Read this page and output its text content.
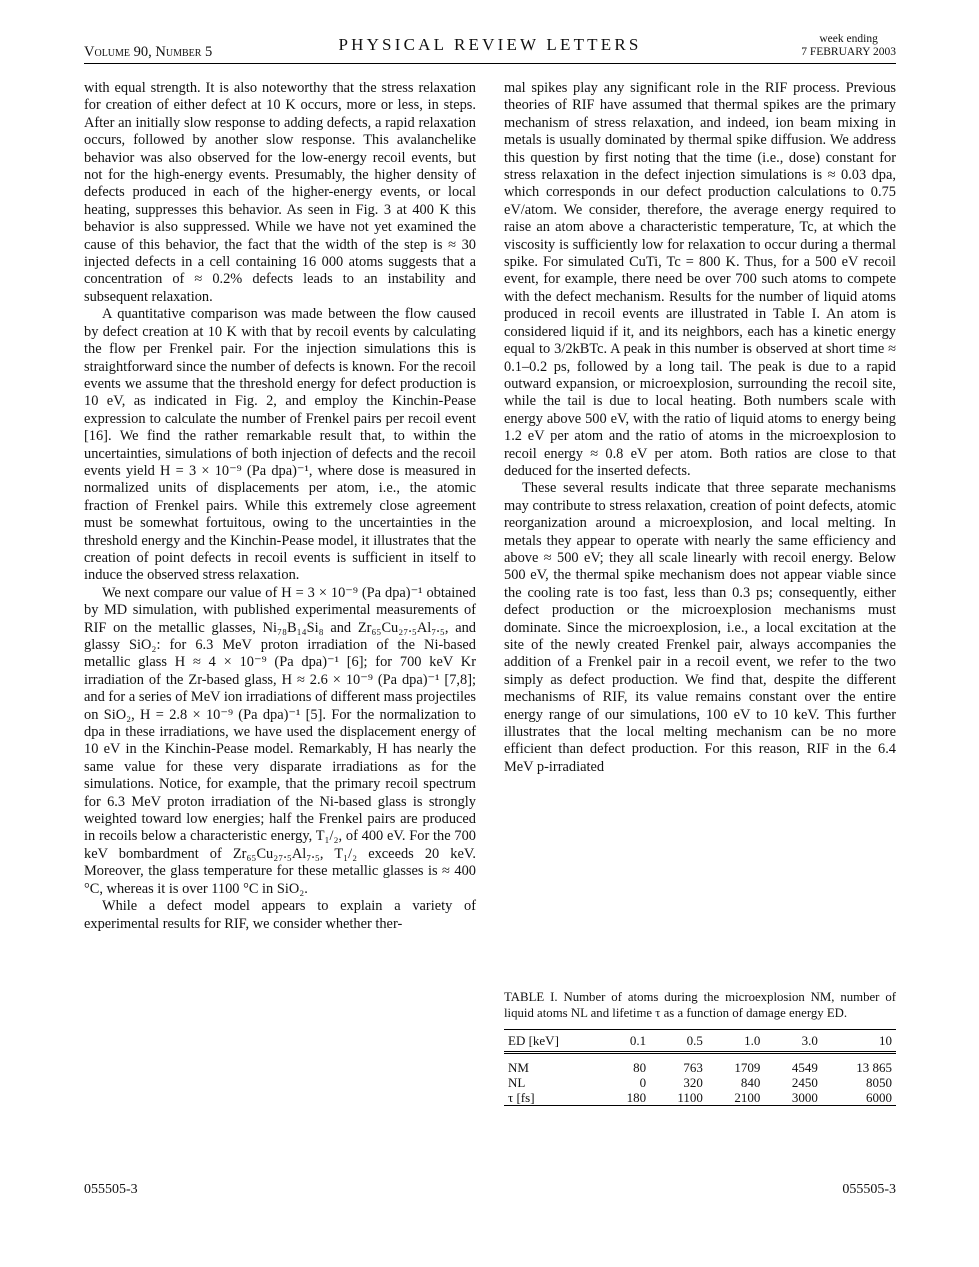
Volume 90, Number 5	PHYSICAL REVIEW LETTERS	week ending
7 FEBRUARY 2003

with equal strength. It is also noteworthy that the stress relaxation for creation of either defect at 10 K occurs, more or less, in steps. After an initially slow response to adding defects, a rapid relaxation occurs, followed by another slow response. This avalanchelike behavior was also observed for the low-energy recoil events, but not for the high-energy events. Presumably, the higher density of defects produced in each of the higher-energy events, or local heating, suppresses this behavior. As seen in Fig. 3 at 400 K this behavior is also suppressed. While we have not yet examined the cause of this behavior, the fact that the width of the step is ≈ 30 injected defects in a cell containing 16 000 atoms suggests that a concentration of ≈ 0.2% defects leads to an instability and subsequent relaxation.

A quantitative comparison was made between the flow caused by defect creation at 10 K with that by recoil events by calculating the flow per Frenkel pair. For the injection simulations this is straightforward since the number of defects is known. For the recoil events we assume that the threshold energy for defect production is 10 eV, as indicated in Fig. 2, and employ the Kinchin-Pease expression to calculate the number of Frenkel pairs per recoil event [16]. We find the rather remarkable result that, to within the uncertainties, simulations of both injection of defects and the recoil events yield H = 3 × 10⁻⁹ (Pa dpa)⁻¹, where dose is measured in normalized units of displacements per atom, i.e., the atomic fraction of Frenkel pairs. While this extremely close agreement must be somewhat fortuitous, owing to the uncertainties in the threshold energy and the Kinchin-Pease model, it illustrates that the creation of point defects in recoil events is sufficient in itself to induce the observed stress relaxation.

We next compare our value of H = 3 × 10⁻⁹ (Pa dpa)⁻¹ obtained by MD simulation, with published experimental measurements of RIF on the metallic glasses, Ni₇₈B₁₄Si₈ and Zr₆₅Cu₂₇.₅Al₇.₅, and glassy SiO₂: for 6.3 MeV proton irradiation of the Ni-based metallic glass H ≈ 4 × 10⁻⁹ (Pa dpa)⁻¹ [6]; for 700 keV Kr irradiation of the Zr-based glass, H ≈ 2.6 × 10⁻⁹ (Pa dpa)⁻¹ [7,8]; and for a series of MeV ion irradiations of different mass projectiles on SiO₂, H = 2.8 × 10⁻⁹ (Pa dpa)⁻¹ [5]. For the normalization to dpa in these irradiations, we have used the displacement energy of 10 eV in the Kinchin-Pease model. Remarkably, H has nearly the same value for these very disparate irradiations as for the simulations. Notice, for example, that the primary recoil spectrum for 6.3 MeV proton irradiation of the Ni-based glass is strongly weighted toward low energies; half the Frenkel pairs are produced in recoils below a characteristic energy, T₁/₂, of 400 eV. For the 700 keV bombardment of Zr₆₅Cu₂₇.₅Al₇.₅, T₁/₂ exceeds 20 keV. Moreover, the glass temperature for these metallic glasses is ≈ 400 °C, whereas it is over 1100 °C in SiO₂.

While a defect model appears to explain a variety of experimental results for RIF, we consider whether ther-

mal spikes play any significant role in the RIF process. Previous theories of RIF have assumed that thermal spikes are the primary mechanism of stress relaxation, and indeed, ion beam mixing in metals is usually dominated by thermal spike diffusion. We address this question by first noting that the time (i.e., dose) constant for stress relaxation in the defect injection simulations is ≈ 0.03 dpa, which corresponds in our defect production calculations to 0.75 eV/atom. We consider, therefore, the average energy required to raise an atom above a characteristic temperature, Tc, at which the viscosity is sufficiently low for relaxation to occur during a thermal spike. For simulated CuTi, Tc = 800 K. Thus, for a 500 eV recoil event, for example, there need be over 700 such atoms to compete with the defect mechanism. Results for the number of liquid atoms produced in recoil events are illustrated in Table I. An atom is considered liquid if it, and its neighbors, each has a kinetic energy equal to 3/2kBTc. A peak in this number is observed at short time ≈ 0.1–0.2 ps, followed by a long tail. The peak is due to a rapid outward expansion, or microexplosion, surrounding the recoil site, while the tail is due to local heating. Both numbers scale with energy above 500 eV, with the ratio of liquid atoms to energy being 1.2 eV per atom and the ratio of atoms in the microexplosion to recoil energy ≈ 0.8 eV per atom. Both ratios are close to that deduced for the inserted defects.

These several results indicate that three separate mechanisms may contribute to stress relaxation, creation of point defects, atomic reorganization around a microexplosion, and local melting. In metals they appear to operate with nearly the same efficiency and above ≈ 500 eV; they all scale linearly with recoil energy. Below 500 eV, the thermal spike mechanism does not appear viable since the cooling rate is too fast, less than 0.3 ps; consequently, either defect production or the microexplosion mechanisms must dominate. Since the microexplosion, i.e., a local excitation at the site of the newly created Frenkel pair, always accompanies the addition of a Frenkel pair in a recoil event, we refer to the two simply as defect production. We find that, despite the different mechanisms of RIF, its value remains constant over the entire energy range of our simulations, 100 eV to 10 keV. This further illustrates that the local melting mechanism can be no more efficient than defect production. For this reason, RIF in the 6.4 MeV p-irradiated

TABLE I. Number of atoms during the microexplosion NM, number of liquid atoms NL and lifetime τ as a function of damage energy ED.

ED [keV]	0.1	0.5	1.0	3.0	10
NM	80	763	1709	4549	13 865
NL	0	320	840	2450	8050
τ [fs]	180	1100	2100	3000	6000
055505-3	055505-3
